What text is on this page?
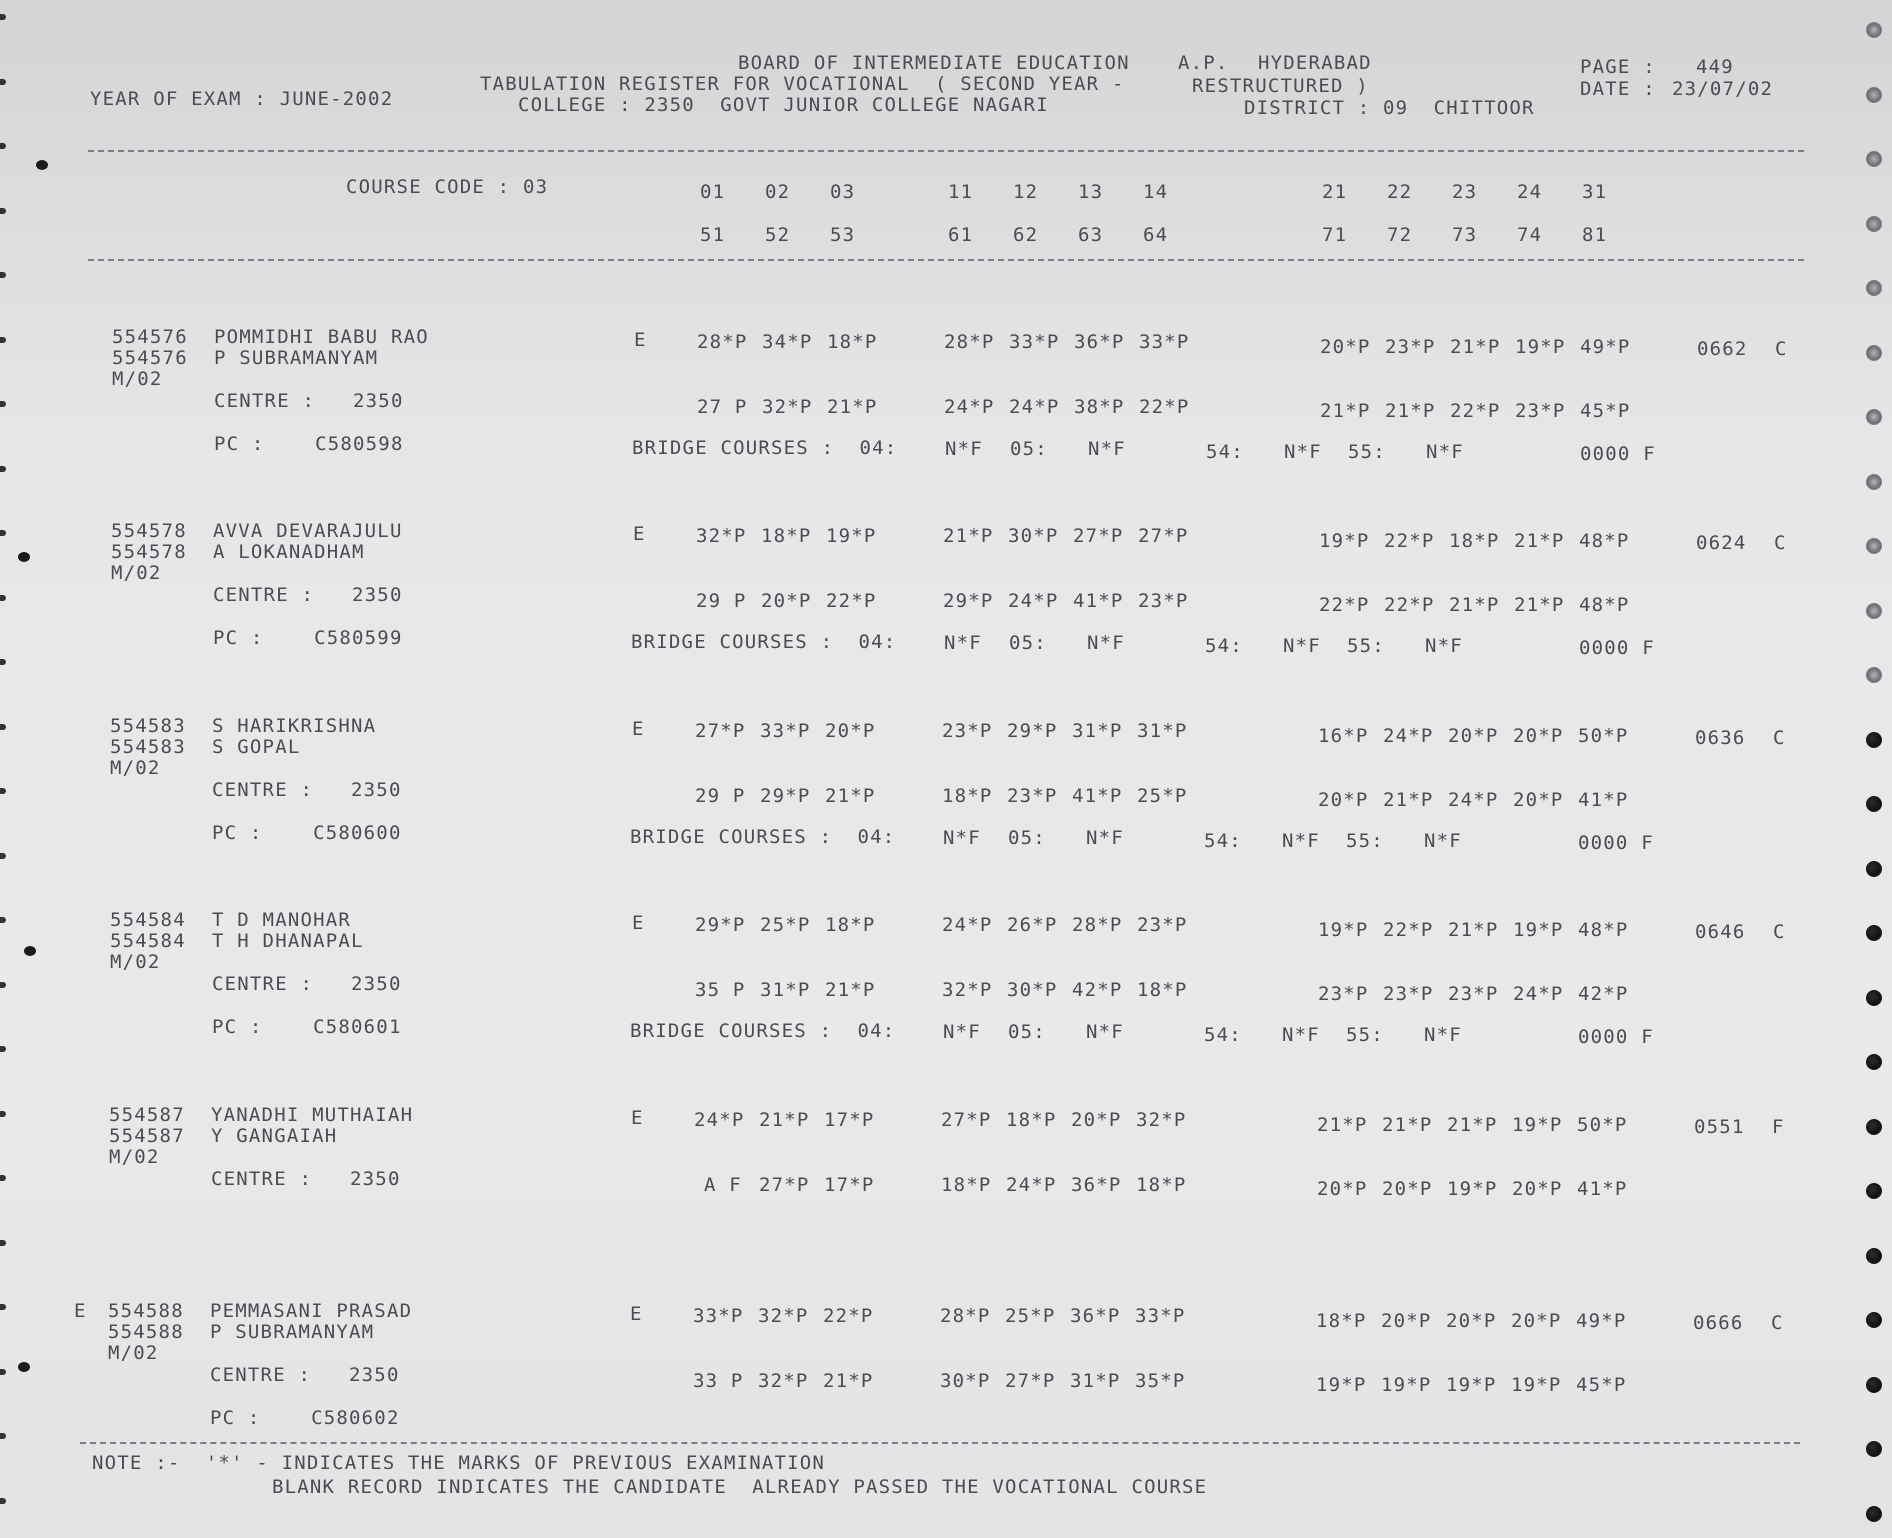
BOARD OF INTERMEDIATE EDUCATION	A.P. HYDERABAD	PAGE : 449
TABULATION REGISTER FOR VOCATIONAL  ( SECOND YEAR -	RESTRUCTURED )	DATE : 23/07/02
YEAR OF EXAM : JUNE-2002	COLLEGE : 2350  GOVT JUNIOR COLLEGE NAGARI	DISTRICT : 09  CHITTOOR
COURSE CODE : 03	01 02 03	11 12 13 14	21 22 23 24 31
51 52 53	61 62 63 64	71 72 73 74 81
554576 POMMIDHI BABU RAO
554576 P SUBRAMANYAM
M/02
E	28*P 34*P 18*P	28*P 33*P 36*P 33*P	20*P 23*P 21*P 19*P 49*P	0662 C
CENTRE :   2350	27 P 32*P 21*P	24*P 24*P 38*P 22*P	21*P 21*P 22*P 23*P 45*P
PC :    C580598	BRIDGE COURSES :  04:	N*F 05: N*F	54: N*F 55: N*F	0000 F
554578 AVVA DEVARAJULU
554578 A LOKANADHAM
M/02
E	32*P 18*P 19*P	21*P 30*P 27*P 27*P	19*P 22*P 18*P 21*P 48*P	0624 C
CENTRE :   2350	29 P 20*P 22*P	29*P 24*P 41*P 23*P	22*P 22*P 21*P 21*P 48*P
PC :    C580599	BRIDGE COURSES :  04:	N*F 05: N*F	54: N*F 55: N*F	0000 F
554583 S HARIKRISHNA
554583 S GOPAL
M/02
E	27*P 33*P 20*P	23*P 29*P 31*P 31*P	16*P 24*P 20*P 20*P 50*P	0636 C
CENTRE :   2350	29 P 29*P 21*P	18*P 23*P 41*P 25*P	20*P 21*P 24*P 20*P 41*P
PC :    C580600	BRIDGE COURSES :  04:	N*F 05: N*F	54: N*F 55: N*F	0000 F
554584 T D MANOHAR
554584 T H DHANAPAL
M/02
E	29*P 25*P 18*P	24*P 26*P 28*P 23*P	19*P 22*P 21*P 19*P 48*P	0646 C
CENTRE :   2350	35 P 31*P 21*P	32*P 30*P 42*P 18*P	23*P 23*P 23*P 24*P 42*P
PC :    C580601	BRIDGE COURSES :  04:	N*F 05: N*F	54: N*F 55: N*F	0000 F
554587 YANADHI MUTHAIAH
554587 Y GANGAIAH
M/02
E	24*P 21*P 17*P	27*P 18*P 20*P 32*P	21*P 21*P 21*P 19*P 50*P	0551 F
CENTRE :   2350	A F 27*P 17*P	18*P 24*P 36*P 18*P	20*P 20*P 19*P 20*P 41*P
E 554588 PEMMASANI PRASAD
554588 P SUBRAMANYAM
M/02
E	33*P 32*P 22*P	28*P 25*P 36*P 33*P	18*P 20*P 20*P 20*P 49*P	0666 C
CENTRE :   2350	33 P 32*P 21*P	30*P 27*P 31*P 35*P	19*P 19*P 19*P 19*P 45*P
PC :    C580602
NOTE :-  '*' - INDICATES THE MARKS OF PREVIOUS EXAMINATION
BLANK RECORD INDICATES THE CANDIDATE  ALREADY PASSED THE VOCATIONAL COURSE
